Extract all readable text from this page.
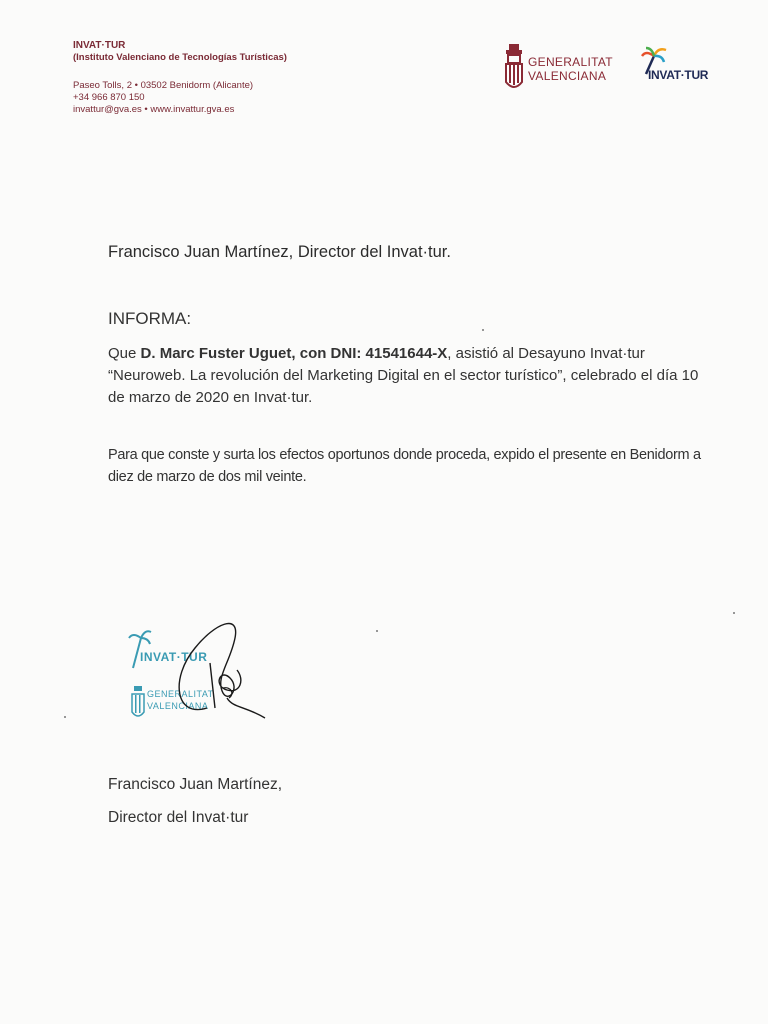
INVAT·TUR
(Instituto Valenciano de Tecnologías Turísticas)
Paseo Tolls, 2 • 03502 Benidorm (Alicante)
+34 966 870 150
invattur@gva.es • www.invattur.gva.es
GENERALITAT
VALENCIANA	INVAT·TUR
Francisco Juan Martínez, Director del Invat·tur.
INFORMA:
Que D. Marc Fuster Uguet, con DNI: 41541644-X, asistió al Desayuno Invat·tur “Neuroweb. La revolución del Marketing Digital en el sector turístico”, celebrado el día 10 de marzo de 2020 en Invat·tur.
Para que conste y surta los efectos oportunos donde proceda, expido el presente en Benidorm a diez de marzo de dos mil veinte.
INVAT·TUR
GENERALITAT
VALENCIANA
Francisco Juan Martínez,
Director del Invat·tur
